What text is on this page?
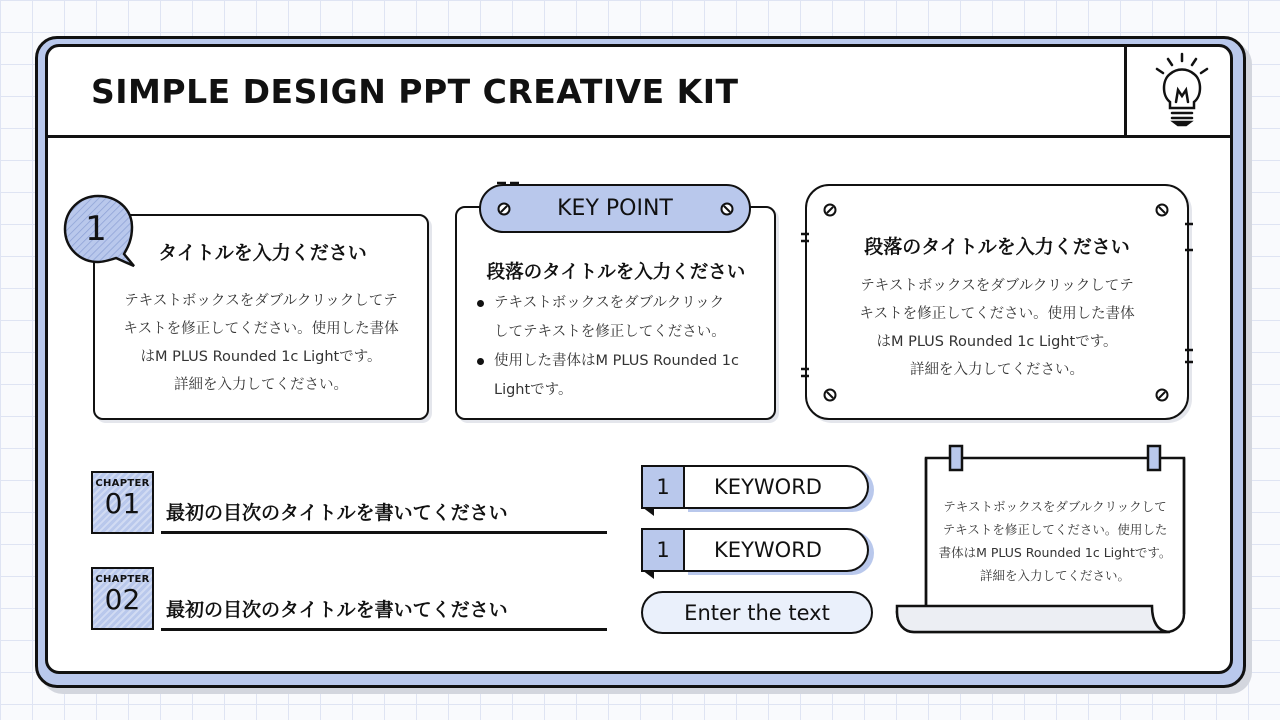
SIMPLE DESIGN PPT CREATIVE KIT
1
タイトルを入力ください
テキストボックスをダブルクリックしてテ
キストを修正してください。使用した書体
はM PLUS Rounded 1c Lightです。
詳細を入力してください。
KEY POINT
段落のタイトルを入力ください
テキストボックスをダブルクリック
してテキストを修正してください。
使用した書体はM PLUS Rounded 1c
Lightです。
段落のタイトルを入力ください
テキストボックスをダブルクリックしてテ
キストを修正してください。使用した書体
はM PLUS Rounded 1c Lightです。
詳細を入力してください。
CHAPTER
01	最初の目次のタイトルを書いてください
CHAPTER
02	最初の目次のタイトルを書いてください
1	KEYWORD
1	KEYWORD
Enter the text
テキストボックスをダブルクリックして
テキストを修正してください。使用した
書体はM PLUS Rounded 1c Lightです。
詳細を入力してください。
